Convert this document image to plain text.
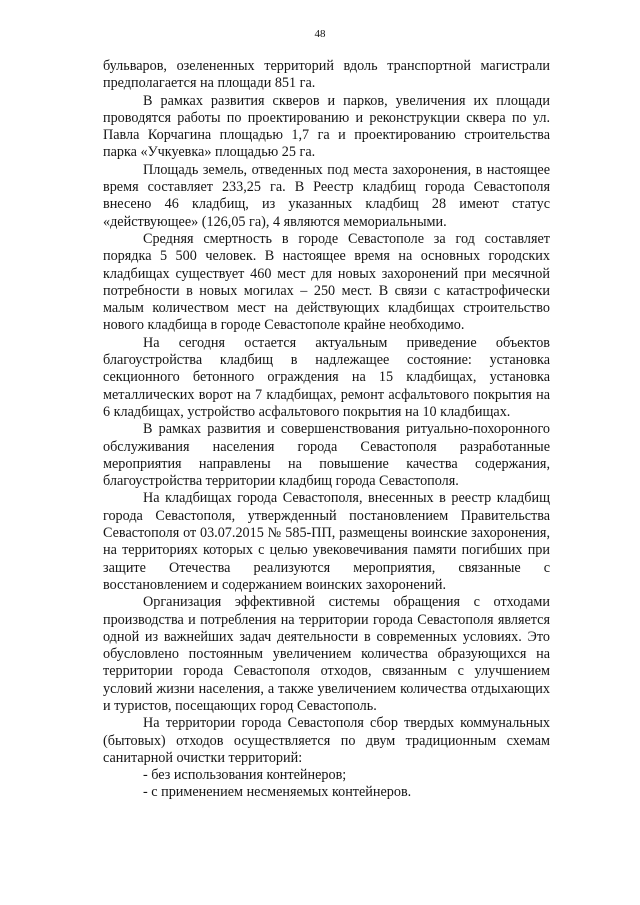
48

бульваров, озелененных территорий вдоль транспортной магистрали предполагается на площади 851 га.

В рамках развития скверов и парков, увеличения их площади проводятся работы по проектированию и реконструкции сквера по ул. Павла Корчагина площадью 1,7 га и проектированию строительства парка «Учкуевка» площадью 25 га.

Площадь земель, отведенных под места захоронения, в настоящее время составляет 233,25 га. В Реестр кладбищ города Севастополя внесено 46 кладбищ, из указанных кладбищ 28 имеют статус «действующее» (126,05 га), 4 являются мемориальными.

Средняя смертность в городе Севастополе за год составляет порядка 5 500 человек. В настоящее время на основных городских кладбищах существует 460 мест для новых захоронений при месячной потребности в новых могилах – 250 мест. В связи с катастрофически малым количеством мест на действующих кладбищах строительство нового кладбища в городе Севастополе крайне необходимо.

На сегодня остается актуальным приведение объектов благоустройства кладбищ в надлежащее состояние: установка секционного бетонного ограждения на 15 кладбищах, установка металлических ворот на 7 кладбищах, ремонт асфальтового покрытия на 6 кладбищах, устройство асфальтового покрытия на 10 кладбищах.

В рамках развития и совершенствования ритуально-похоронного обслуживания населения города Севастополя разработанные мероприятия направлены на повышение качества содержания, благоустройства территории кладбищ города Севастополя.

На кладбищах города Севастополя, внесенных в реестр кладбищ города Севастополя, утвержденный постановлением Правительства Севастополя от 03.07.2015 № 585-ПП, размещены воинские захоронения, на территориях которых с целью увековечивания памяти погибших при защите Отечества реализуются мероприятия, связанные с восстановлением и содержанием воинских захоронений.

Организация эффективной системы обращения с отходами производства и потребления на территории города Севастополя является одной из важнейших задач деятельности в современных условиях. Это обусловлено постоянным увеличением количества образующихся на территории города Севастополя отходов, связанным с улучшением условий жизни населения, а также увеличением количества отдыхающих и туристов, посещающих город Севастополь.

На территории города Севастополя сбор твердых коммунальных (бытовых) отходов осуществляется по двум традиционным схемам санитарной очистки территорий:

- без использования контейнеров;

- с применением несменяемых контейнеров.
